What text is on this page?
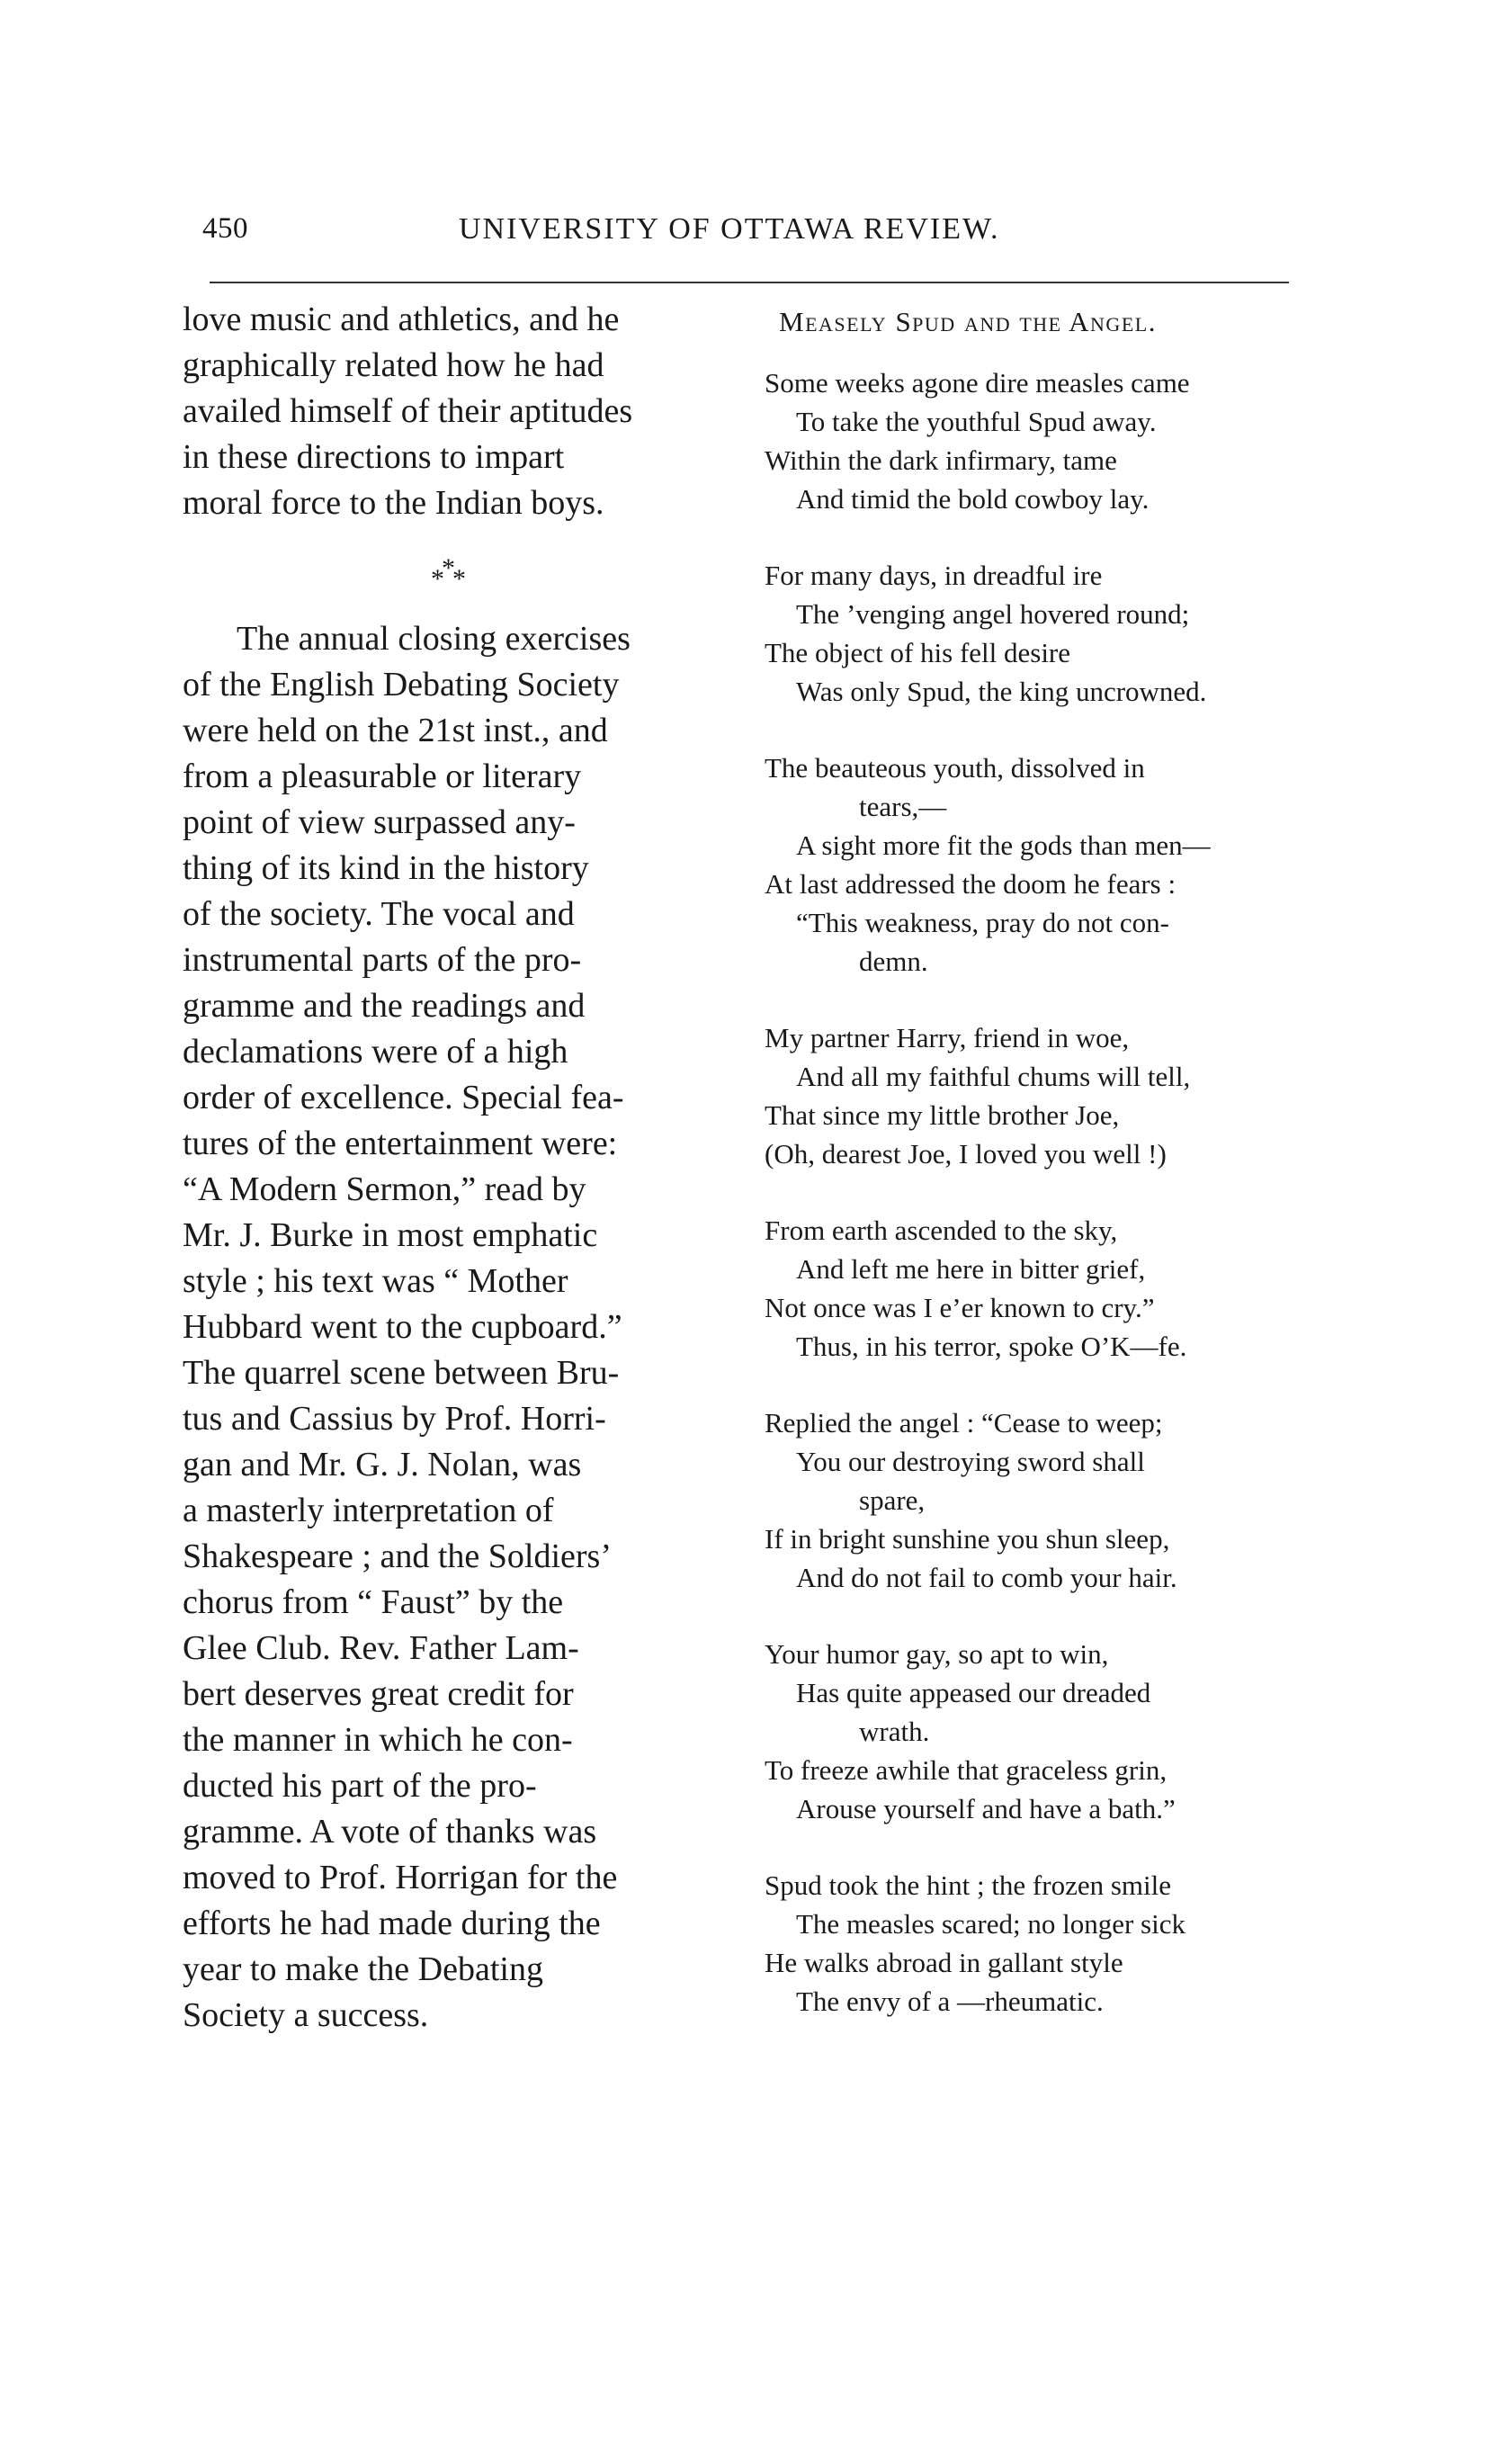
450	UNIVERSITY OF OTTAWA REVIEW.

love music and athletics, and he

graphically related how he had

availed himself of their aptitudes

in these directions to impart

moral force to the Indian boys.

*
* *

The annual closing exercises

of the English Debating Society

were held on the 21st inst., and

from a pleasurable or literary

point of view surpassed any-

thing of its kind in the history

of the society. The vocal and

instrumental parts of the pro-

gramme and the readings and

declamations were of a high

order of excellence. Special fea-

tures of the entertainment were:

“A Modern Sermon,” read by

Mr. J. Burke in most emphatic

style ; his text was “ Mother

Hubbard went to the cupboard.”

The quarrel scene between Bru-

tus and Cassius by Prof. Horri-

gan and Mr. G. J. Nolan, was

a masterly interpretation of

Shakespeare ; and the Soldiers’

chorus from “ Faust” by the

Glee Club. Rev. Father Lam-

bert deserves great credit for

the manner in which he con-

ducted his part of the pro-

gramme. A vote of thanks was

moved to Prof. Horrigan for the

efforts he had made during the

year to make the Debating

Society a success.

Measely Spud and the Angel.
Some weeks agone dire measles came
To take the youthful Spud away.
Within the dark infirmary, tame
And timid the bold cowboy lay.
For many days, in dreadful ire
The ’venging angel hovered round;
The object of his fell desire
Was only Spud, the king uncrowned.
The beauteous youth, dissolved in
tears,—
A sight more fit the gods than men—
At last addressed the doom he fears :
“This weakness, pray do not con-
demn.
My partner Harry, friend in woe,
And all my faithful chums will tell,
That since my little brother Joe,
(Oh, dearest Joe, I loved you well !)
From earth ascended to the sky,
And left me here in bitter grief,
Not once was I e’er known to cry.”
Thus, in his terror, spoke O’K—fe.
Replied the angel : “Cease to weep;
You our destroying sword shall
spare,
If in bright sunshine you shun sleep,
And do not fail to comb your hair.
Your humor gay, so apt to win,
Has quite appeased our dreaded
wrath.
To freeze awhile that graceless grin,
Arouse yourself and have a bath.”
Spud took the hint ; the frozen smile
The measles scared; no longer sick
He walks abroad in gallant style
The envy of a —rheumatic.
